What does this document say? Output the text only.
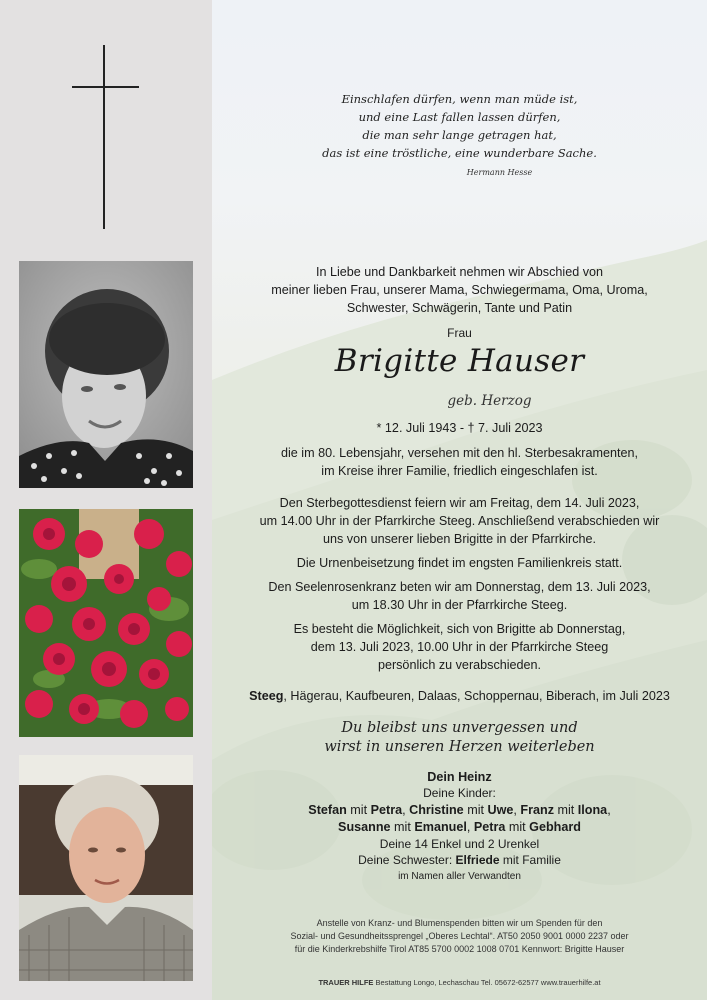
Einschlafen dürfen, wenn man müde ist,
und eine Last fallen lassen dürfen,
die man sehr lange getragen hat,
das ist eine tröstliche, eine wunderbare Sache.
Hermann Hesse
In Liebe und Dankbarkeit nehmen wir Abschied von
meiner lieben Frau, unserer Mama, Schwiegermama, Oma, Uroma,
Schwester, Schwägerin, Tante und Patin
Frau
Brigitte Hauser
geb. Herzog
* 12. Juli 1943 - † 7. Juli 2023
die im 80. Lebensjahr, versehen mit den hl. Sterbesakramenten,
im Kreise ihrer Familie, friedlich eingeschlafen ist.
Den Sterbegottesdienst feiern wir am Freitag, dem 14. Juli 2023,
um 14.00 Uhr in der Pfarrkirche Steeg. Anschließend verabschieden wir
uns von unserer lieben Brigitte in der Pfarrkirche.
Die Urnenbeisetzung findet im engsten Familienkreis statt.
Den Seelenrosenkranz beten wir am Donnerstag, dem 13. Juli 2023,
um 18.30 Uhr in der Pfarrkirche Steeg.
Es besteht die Möglichkeit, sich von Brigitte ab Donnerstag,
dem 13. Juli 2023, 10.00 Uhr in der Pfarrkirche Steeg
persönlich zu verabschieden.
Steeg, Hägerau, Kaufbeuren, Dalaas, Schoppernau, Biberach, im Juli 2023
Du bleibst uns unvergessen und
wirst in unseren Herzen weiterleben
Dein Heinz
Deine Kinder:
Stefan mit Petra, Christine mit Uwe, Franz mit Ilona,
Susanne mit Emanuel, Petra mit Gebhard
Deine 14 Enkel und 2 Urenkel
Deine Schwester: Elfriede mit Familie
im Namen aller Verwandten
Anstelle von Kranz- und Blumenspenden bitten wir um Spenden für den
Sozial- und Gesundheitssprengel „Oberes Lechtal“. AT50 2050 9001 0000 2237 oder
für die Kinderkrebshilfe Tirol AT85 5700 0002 1008 0701 Kennwort: Brigitte Hauser
TRAUER HILFE Bestattung Longo, Lechaschau Tel. 05672-62577 www.trauerhilfe.at
